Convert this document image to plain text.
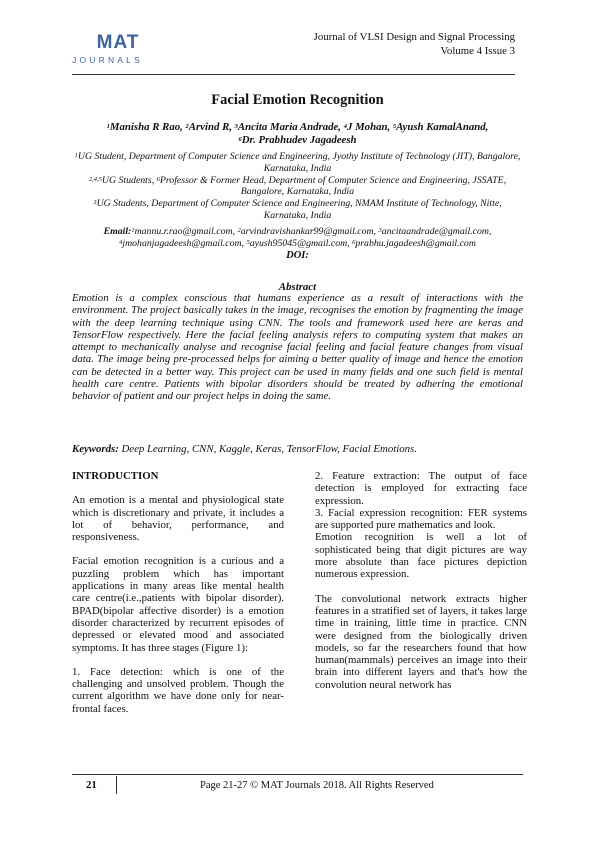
MAT
JOURNALS
Journal of VLSI Design and Signal Processing
Volume 4 Issue 3
Facial Emotion Recognition
$^1$Manisha R Rao, $^2$Arvind R, $^3$Ancita Maria Andrade, $^4$J Mohan, $^5$Ayush KamalAnand,
$^6$Dr. Prabhudev Jagadeesh

$^1$UG Student, Department of Computer Science and Engineering, Jyothy Institute of Technology (JIT), Bangalore, Karnataka, India

$^{2,4,5}$UG Students, $^6$Professor & Former Head, Department of Computer Science and Engineering, JSSATE, Bangalore, Karnataka, India

$^3$UG Students, Department of Computer Science and Engineering, NMAM Institute of Technology, Nitte, Karnataka, India

Email:$^1$mannu.r.rao@gmail.com, $^2$arvindravishankar99@gmail.com, $^3$ancitaandrade@gmail.com,
$^4$jmohanjagadeesh@gmail.com, $^5$ayush95045@gmail.com, $^6$prabhu.jagadeesh@gmail.com
DOI:
Abstract
Emotion is a complex conscious that humans experience as a result of interactions with the environment. The project basically takes in the image, recognises the emotion by fragmenting the image with the deep learning technique using CNN. The tools and framework used here are keras and TensorFlow respectively. Here the facial feeling analysis refers to computing system that makes an attempt to mechanically analyse and recognise facial feeling and facial feature changes from visual data. The image being pre-processed helps for aiming a better quality of image and hence the emotion can be detected in a better way. This project can be used in many fields and one such field is mental health care centre. Patients with bipolar disorders should be treated by adhering the emotional behavior of patient and our project helps in doing the same.
Keywords: Deep Learning, CNN, Kaggle, Keras, TensorFlow, Facial Emotions.

INTRODUCTION

An emotion is a mental and physiological state which is discretionary and private, it includes a lot of behavior, performance, and responsiveness.

Facial emotion recognition is a curious and a puzzling problem which has important applications in many areas like mental health care centre(i.e.,patients with bipolar disorder). BPAD(bipolar affective disorder) is a emotion disorder characterized by recurrent episodes of depressed or elevated mood and associated symptoms. It has three stages (Figure 1):

1. Face detection: which is one of the challenging and unsolved problem. Though the current algorithm we have done only for near-frontal faces.

2. Feature extraction: The output of face detection is employed for extracting face expression.

3. Facial expression recognition: FER systems are supported pure mathematics and look.

Emotion recognition is well a lot of sophisticated being that digit pictures are way more absolute than face pictures depiction numerous expression.

The convolutional network extracts higher features in a stratified set of layers, it takes large time in training, little time in practice. CNN were designed from the biologically driven models, so far the researchers found that how human(mammals) perceives an image into their brain into different layers and that's how the convolution neural network has

21	Page 21-27 © MAT Journals 2018. All Rights Reserved
